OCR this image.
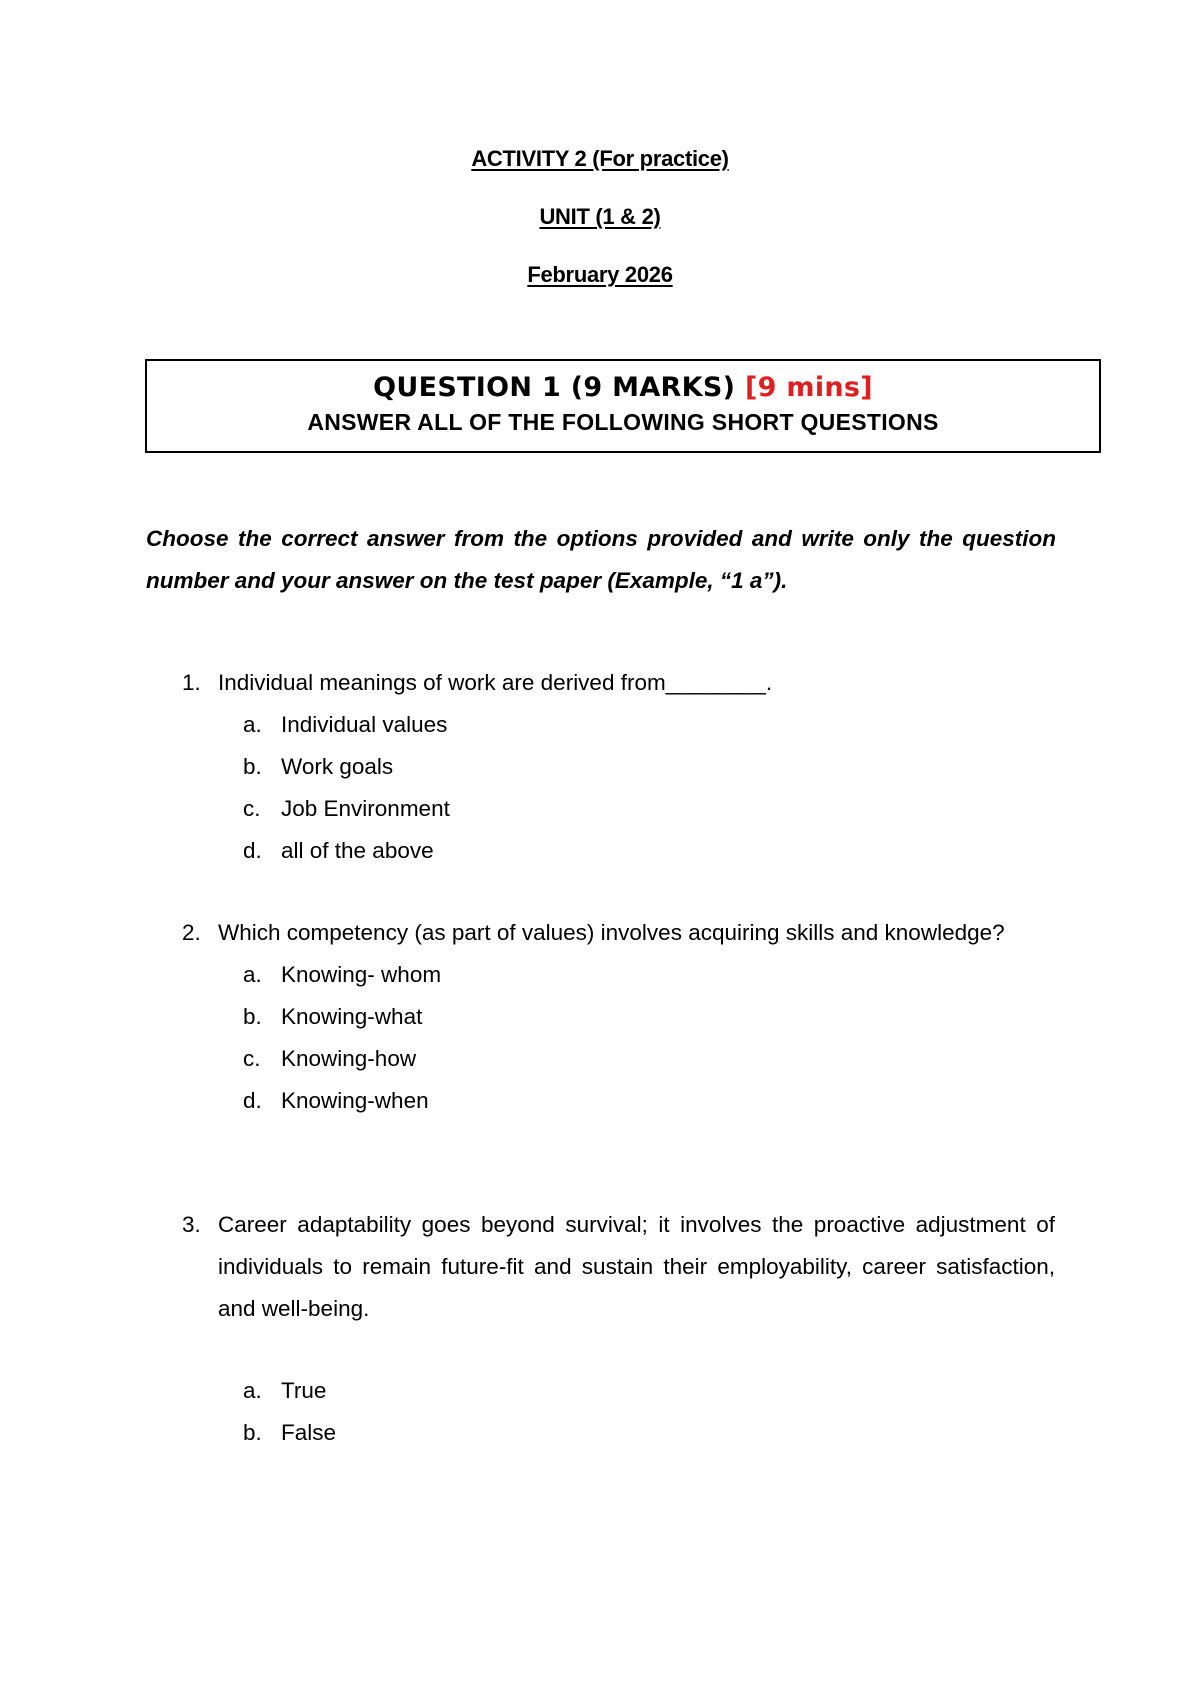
ACTIVITY 2 (For practice)
UNIT (1 & 2)
February 2026
QUESTION 1 (9 MARKS) [9 mins]
ANSWER ALL OF THE FOLLOWING SHORT QUESTIONS
Choose the correct answer from the options provided and write only the question number and your answer on the test paper (Example, “1 a”).
1. Individual meanings of work are derived from________.
a. Individual values
b. Work goals
c. Job Environment
d. all of the above
2. Which competency (as part of values) involves acquiring skills and knowledge?
a. Knowing- whom
b. Knowing-what
c. Knowing-how
d. Knowing-when
3. Career adaptability goes beyond survival; it involves the proactive adjustment of individuals to remain future-fit and sustain their employability, career satisfaction, and well-being.
a. True
b. False
